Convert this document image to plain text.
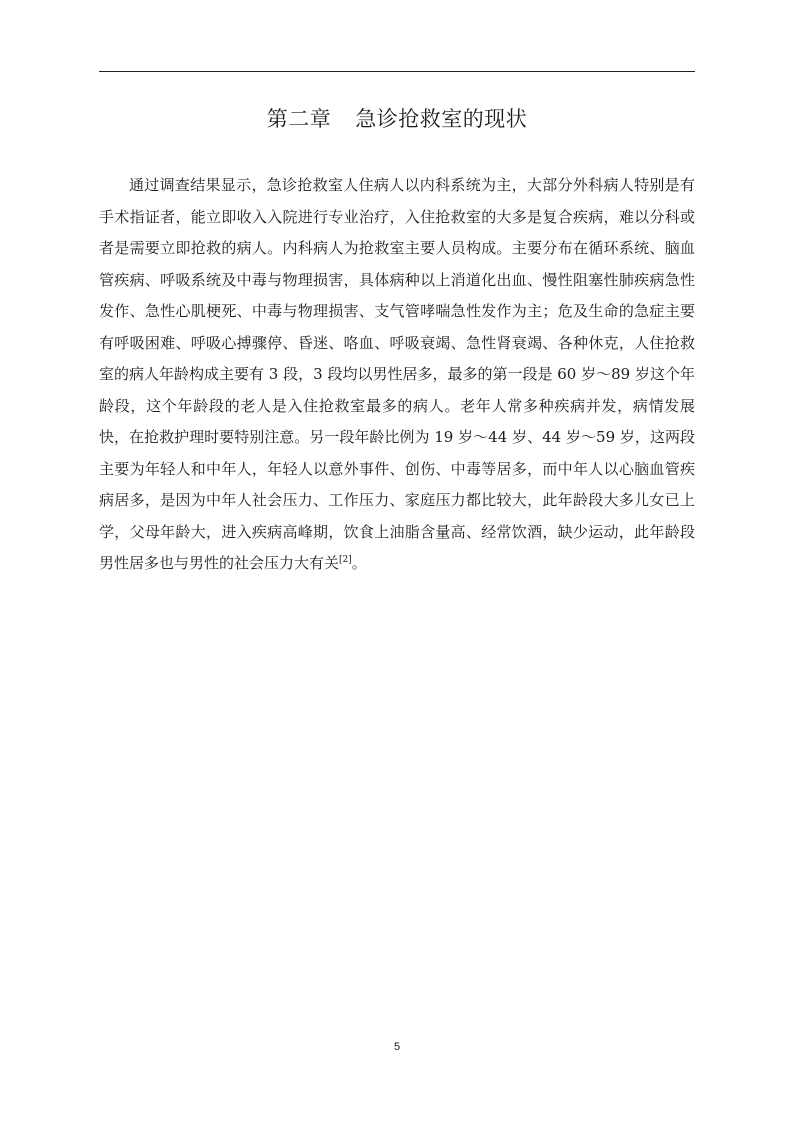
第二章 急诊抢救室的现状

通过调查结果显示，急诊抢救室人住病人以内科系统为主，大部分外科病人特别是有手术指证者，能立即收入入院进行专业治疗，入住抢救室的大多是复合疾病，难以分科或者是需要立即抢救的病人。内科病人为抢救室主要人员构成。主要分布在循环系统、脑血管疾病、呼吸系统及中毒与物理损害，具体病种以上消道化出血、慢性阻塞性肺疾病急性发作、急性心肌梗死、中毒与物理损害、支气管哮喘急性发作为主；危及生命的急症主要有呼吸困难、呼吸心搏骤停、昏迷、咯血、呼吸衰竭、急性肾衰竭、各种休克，人住抢救室的病人年龄构成主要有 3 段，3 段均以男性居多，最多的第一段是 60 岁～89 岁这个年龄段，这个年龄段的老人是入住抢救室最多的病人。老年人常多种疾病并发，病情发展快，在抢救护理时要特别注意。另一段年龄比例为 19 岁～44 岁、44 岁～59 岁，这两段主要为年轻人和中年人，年轻人以意外事件、创伤、中毒等居多，而中年人以心脑血管疾病居多，是因为中年人社会压力、工作压力、家庭压力都比较大，此年龄段大多儿女已上学，父母年龄大，进入疾病高峰期，饮食上油脂含量高、经常饮酒，缺少运动，此年龄段男性居多也与男性的社会压力大有关[2]。

5
